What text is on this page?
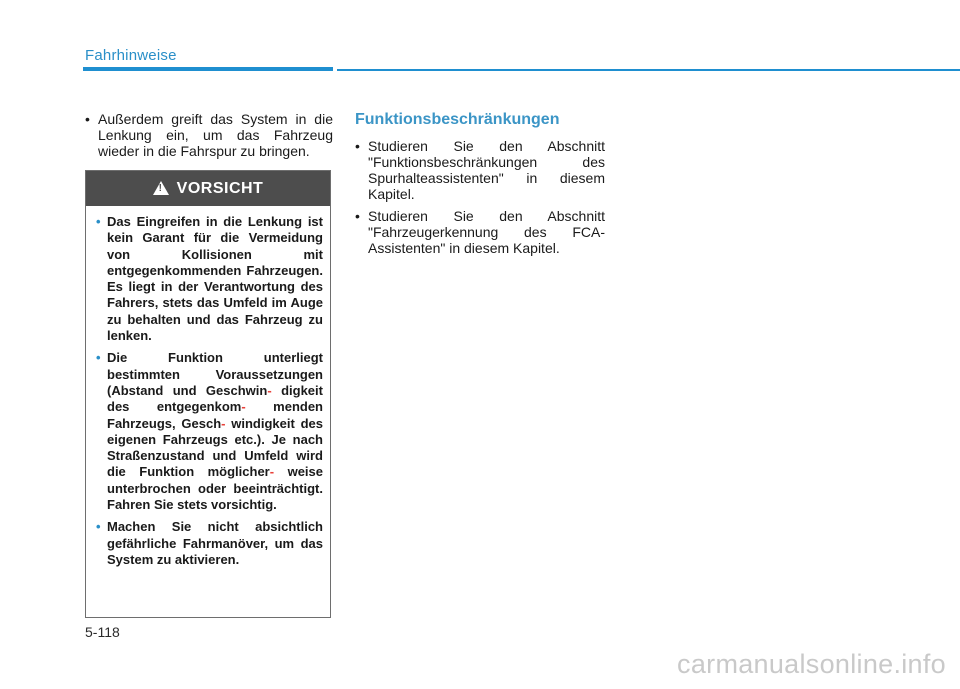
Fahrhinweise
• Außerdem greift das System in die Lenkung ein, um das Fahrzeug wieder in die Fahrspur zu bringen.
! VORSICHT
• Das Eingreifen in die Lenkung ist kein Garant für die Vermeidung von Kollisionen mit entgegenkommenden Fahrzeugen. Es liegt in der Verantwortung des Fahrers, stets das Umfeld im Auge zu behalten und das Fahrzeug zu lenken.
• Die Funktion unterliegt bestimmten Voraussetzungen (Abstand und Geschwin- digkeit des entgegenkom- menden Fahrzeugs, Gesch- windigkeit des eigenen Fahrzeugs etc.). Je nach Straßenzustand und Umfeld wird die Funktion möglicher- weise unterbrochen oder beeinträchtigt. Fahren Sie stets vorsichtig.
• Machen Sie nicht absichtlich gefährliche Fahrmanöver, um das System zu aktivieren.
Funktionsbeschränkungen
• Studieren Sie den Abschnitt "Funktionsbeschränkungen des Spurhalteassistenten" in diesem Kapitel.
• Studieren Sie den Abschnitt "Fahrzeugerkennung des FCA-Assistenten" in diesem Kapitel.
5-118
carmanualsonline.info
